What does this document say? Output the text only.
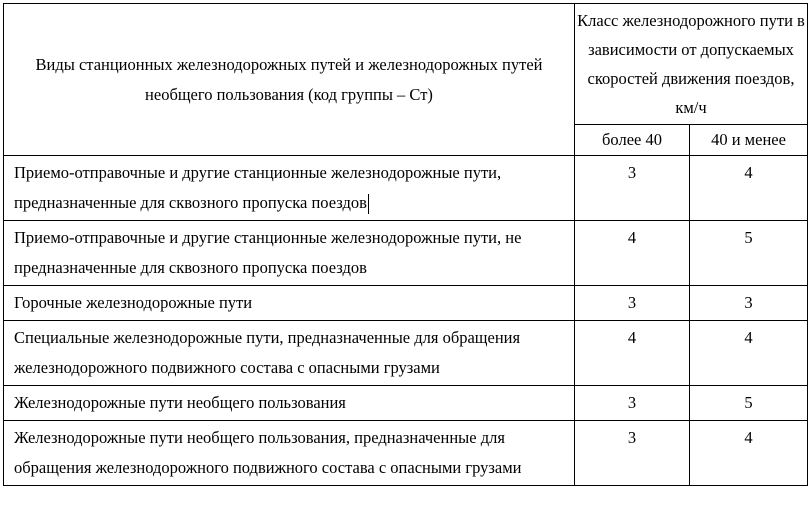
Виды станционных железнодорожных путей и железнодорожных путей необщего пользования (код группы – Ст)	Класс железнодорожного пути в зависимости от допускаемых скоростей движения поездов, км/ч	
	более 40	40 и менее
Приемо-отправочные и другие станционные железнодорожные пути, предназначенные для сквозного пропуска поездов	3	4
Приемо-отправочные и другие станционные железнодорожные пути, не предназначенные для сквозного пропуска поездов	4	5
Горочные железнодорожные пути	3	3
Специальные железнодорожные пути, предназначенные для обращения железнодорожного подвижного состава с опасными грузами	4	4
Железнодорожные пути необщего пользования	3	5
Железнодорожные пути необщего пользования, предназначенные для обращения железнодорожного подвижного состава с опасными грузами	3	4
